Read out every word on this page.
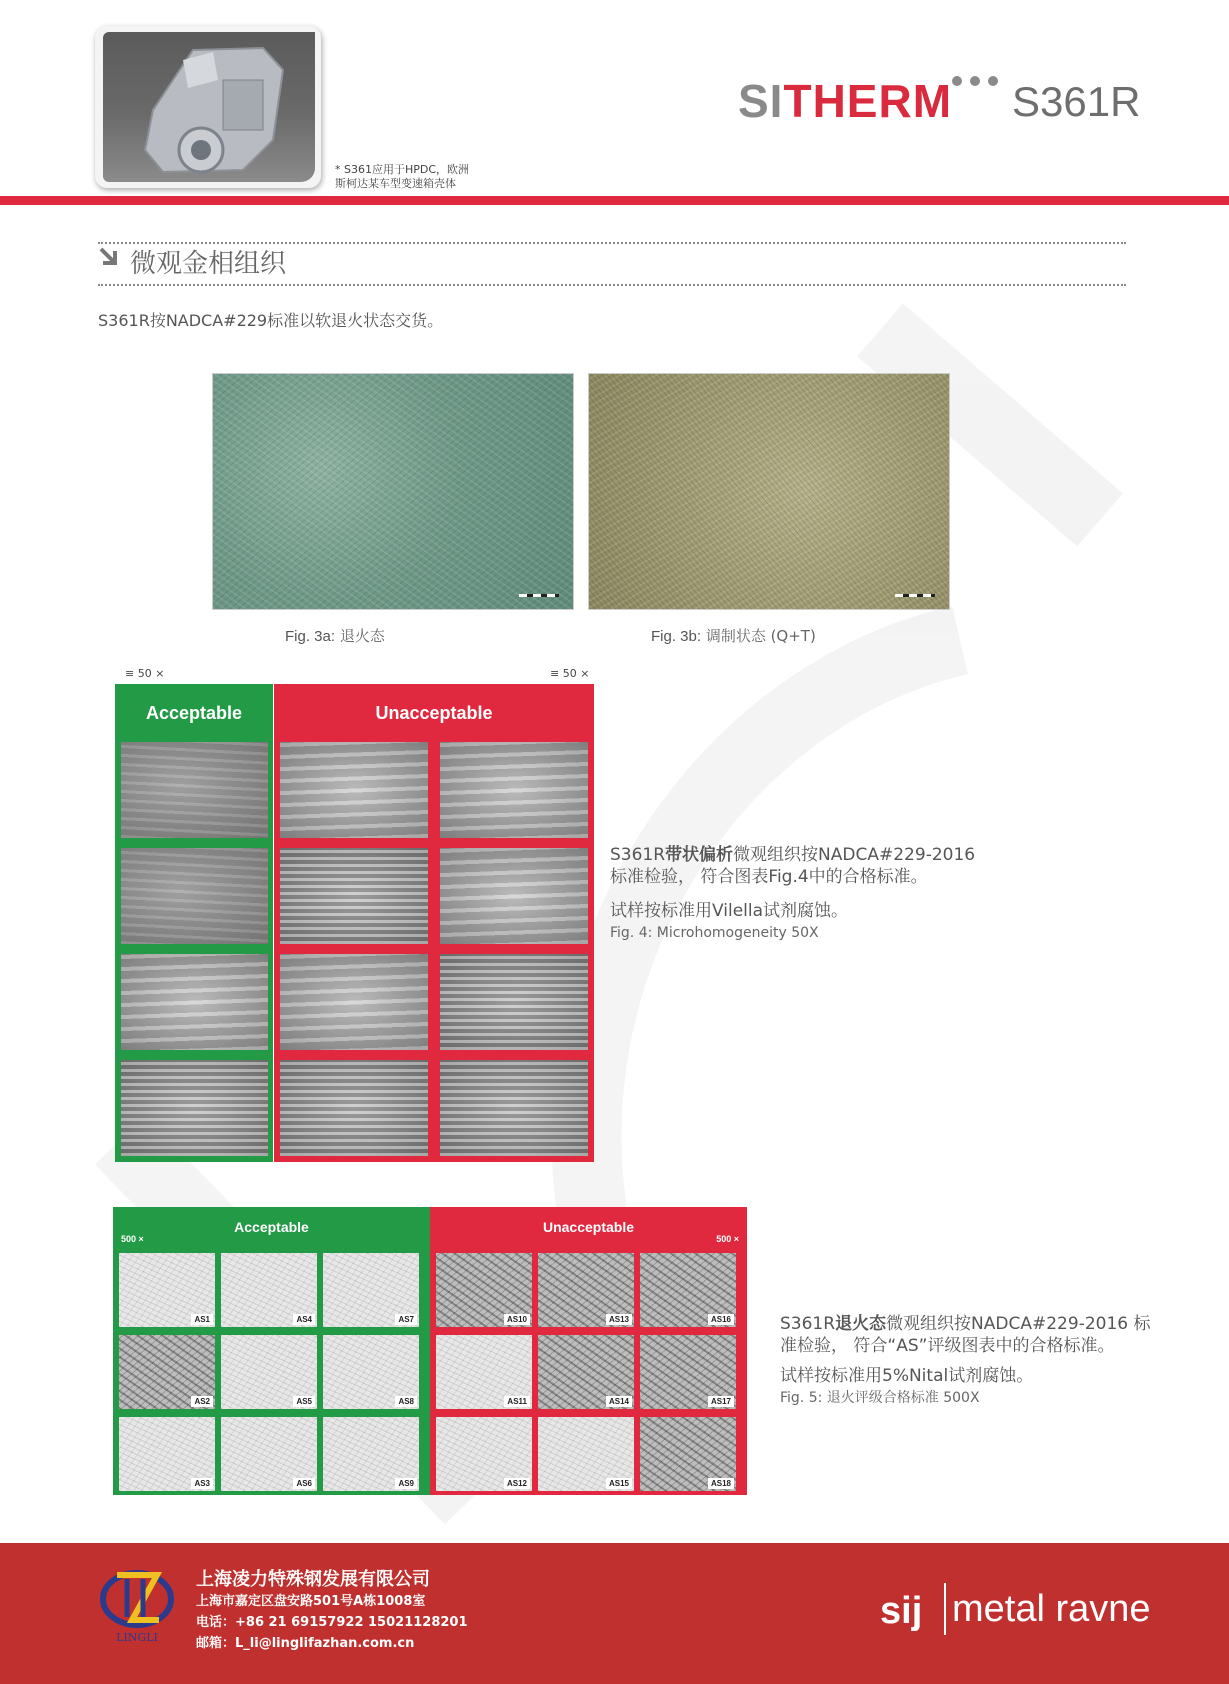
* S361应用于HPDC，欧洲
斯柯达某车型变速箱壳体
SITHERM S361R
微观金相组织
S361R按NADCA#229标准以软退火状态交货。
Fig. 3a: 退火态	Fig. 3b: 调制状态 (Q+T)
≡ 50 ×	≡ 50 ×
Acceptable	Unacceptable
S361R带状偏析微观组织按NADCA#229-2016
标准检验， 符合图表Fig.4中的合格标准。
试样按标准用Vilella试剂腐蚀。
Fig. 4: Microhomogeneity 50X
Acceptable
500 ×
AS1	AS4	AS7
AS2	AS5	AS8
AS3	AS6	AS9
Unacceptable
500 ×
AS10	AS13	AS16
AS11	AS14	AS17
AS12	AS15	AS18
S361R退火态微观组织按NADCA#229-2016 标
准检验， 符合“AS”评级图表中的合格标准。
试样按标准用5%Nital试剂腐蚀。
Fig. 5: 退火评级合格标准 500X
LINGLI
上海凌力特殊钢发展有限公司
上海市嘉定区盘安路501号A栋1008室
电话：+86 21 69157922 15021128201
邮箱：L_li@linglifazhan.com.cn
sij metal ravne
